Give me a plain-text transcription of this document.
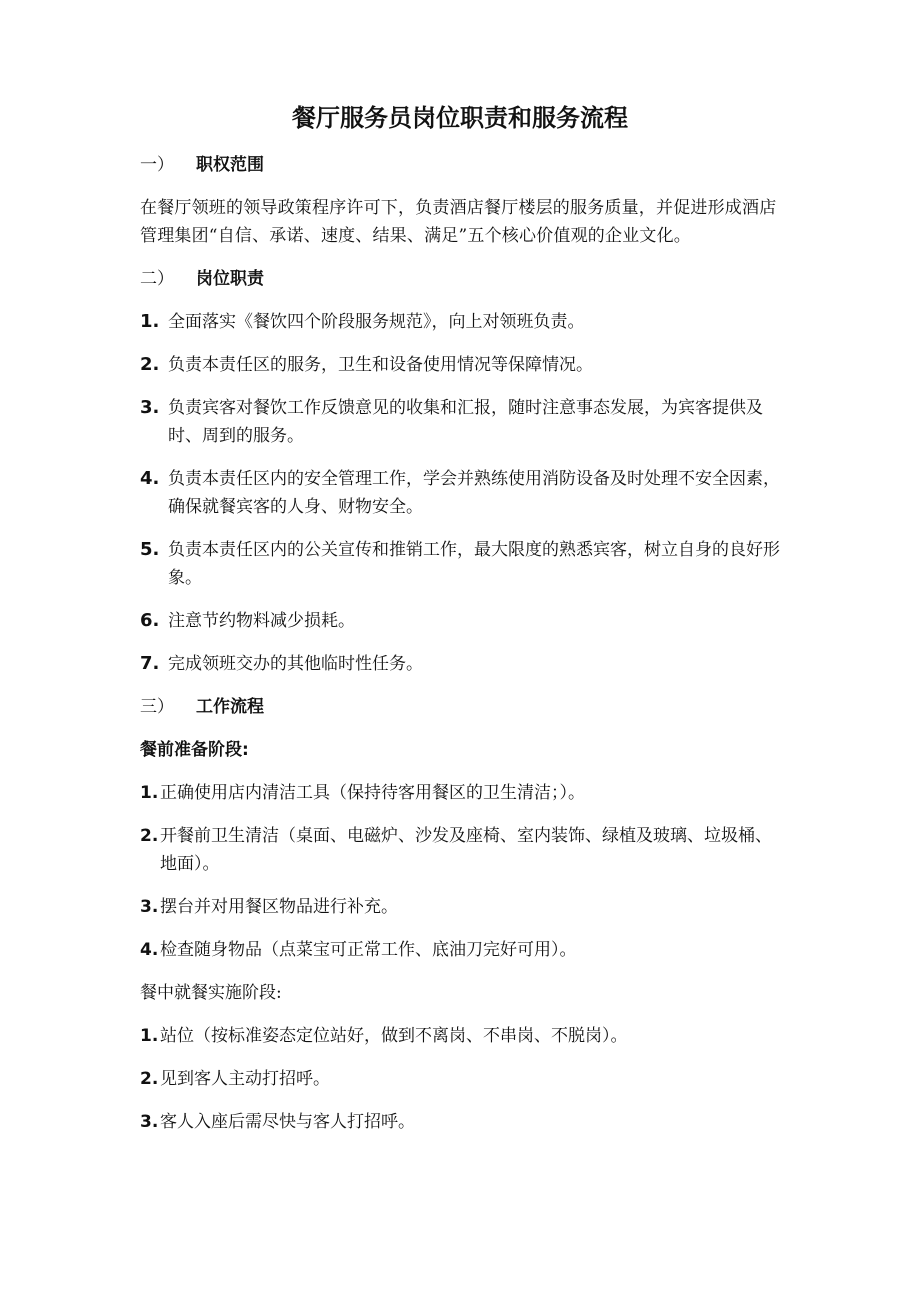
餐厅服务员岗位职责和服务流程
一）	职权范围

在餐厅领班的领导政策程序许可下，负责酒店餐厅楼层的服务质量，并促进形成酒店管理集团“自信、承诺、速度、结果、满足”五个核心价值观的企业文化。

二）	岗位职责
1. 全面落实《餐饮四个阶段服务规范》，向上对领班负责。
2. 负责本责任区的服务，卫生和设备使用情况等保障情况。
3. 负责宾客对餐饮工作反馈意见的收集和汇报，随时注意事态发展，为宾客提供及时、周到的服务。
4. 负责本责任区内的安全管理工作，学会并熟练使用消防设备及时处理不安全因素，确保就餐宾客的人身、财物安全。
5. 负责本责任区内的公关宣传和推销工作，最大限度的熟悉宾客，树立自身的良好形象。
6. 注意节约物料减少损耗。
7. 完成领班交办的其他临时性任务。
三）	工作流程
餐前准备阶段:
1. 正确使用店内清洁工具（保持待客用餐区的卫生清洁；）。
2. 开餐前卫生清洁（桌面、电磁炉、沙发及座椅、室内装饰、绿植及玻璃、垃圾桶、地面）。
3. 摆台并对用餐区物品进行补充。
4. 检查随身物品（点菜宝可正常工作、底油刀完好可用）。
餐中就餐实施阶段:
1. 站位（按标准姿态定位站好，做到不离岗、不串岗、不脱岗）。
2. 见到客人主动打招呼。
3. 客人入座后需尽快与客人打招呼。
